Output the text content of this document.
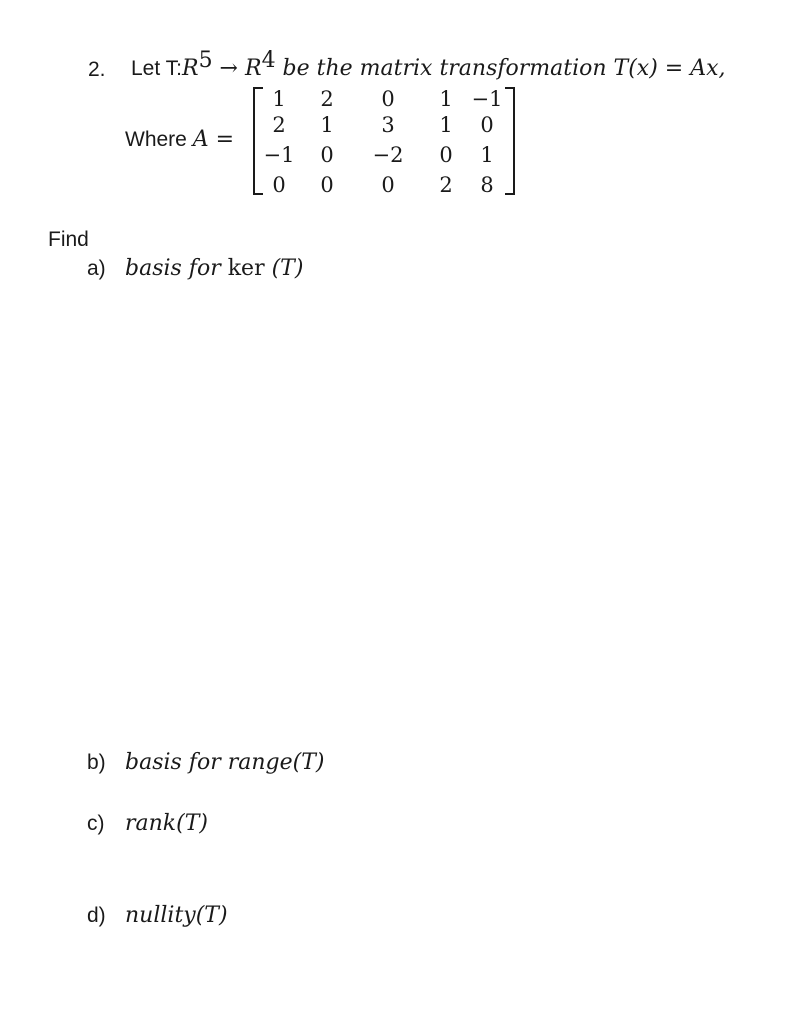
2. Let $T:R^5 \to R^4$ be the matrix transformation T(x) = Ax,
Where A =
1	2	0	1 −1
2	1	3	1	0
−1	0	−2	0	1
0	0	0	2	8
Find
a) basis for ker (T)
b) basis for range(T)
c) rank(T)
d) nullity(T)
